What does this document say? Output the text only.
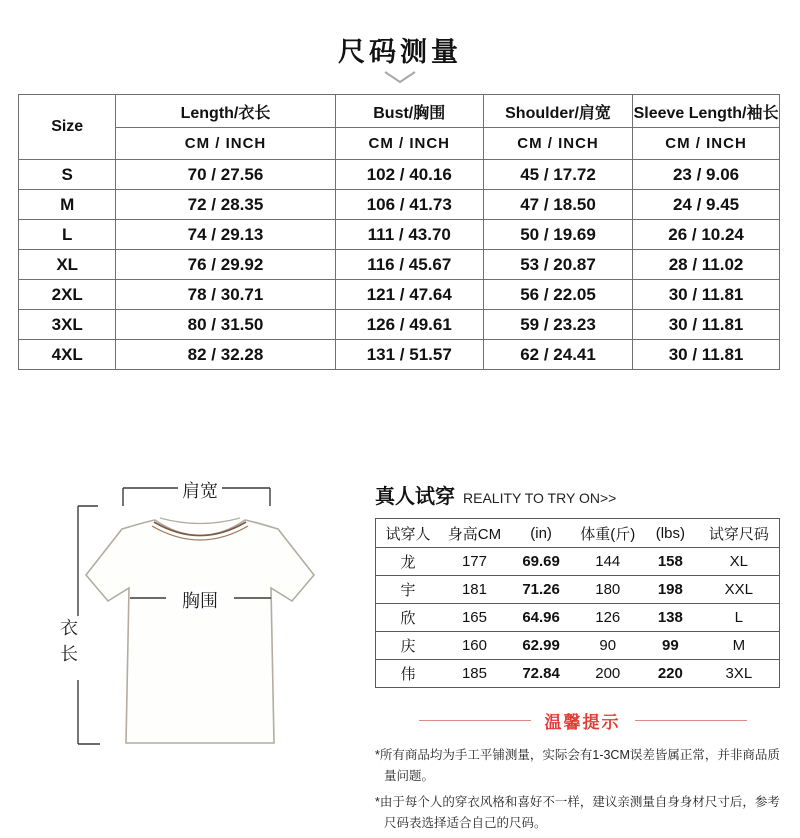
尺码测量
Size	Length/衣长	Bust/胸围	Shoulder/肩宽	Sleeve Length/袖长
	CM / INCH	CM / INCH	CM / INCH	CM / INCH
S	70 / 27.56	102 / 40.16	45 / 17.72	23 / 9.06
M	72 / 28.35	106 / 41.73	47 / 18.50	24 / 9.45
L	74 / 29.13	111 / 43.70	50 / 19.69	26 / 10.24
XL	76 / 29.92	116 / 45.67	53 / 20.87	28 / 11.02
2XL	78 / 30.71	121 / 47.64	56 / 22.05	30 / 11.81
3XL	80 / 31.50	126 / 49.61	59 / 23.23	30 / 11.81
4XL	82 / 32.28	131 / 51.57	62 / 24.41	30 / 11.81
肩宽
胸围
衣长
真人试穿 REALITY TO TRY ON>>
试穿人	身高CM	(in)	体重(斤)	(lbs)	试穿尺码
龙	177	69.69	144	158	XL
宇	181	71.26	180	198	XXL
欣	165	64.96	126	138	L
庆	160	62.99	90	99	M
伟	185	72.84	200	220	3XL
温馨提示

*所有商品均为手工平铺测量，实际会有1-3CM误差皆属正常，并非商品质量问题。

*由于每个人的穿衣风格和喜好不一样，建议亲测量自身身材尺寸后，参考尺码表选择适合自己的尺码。
